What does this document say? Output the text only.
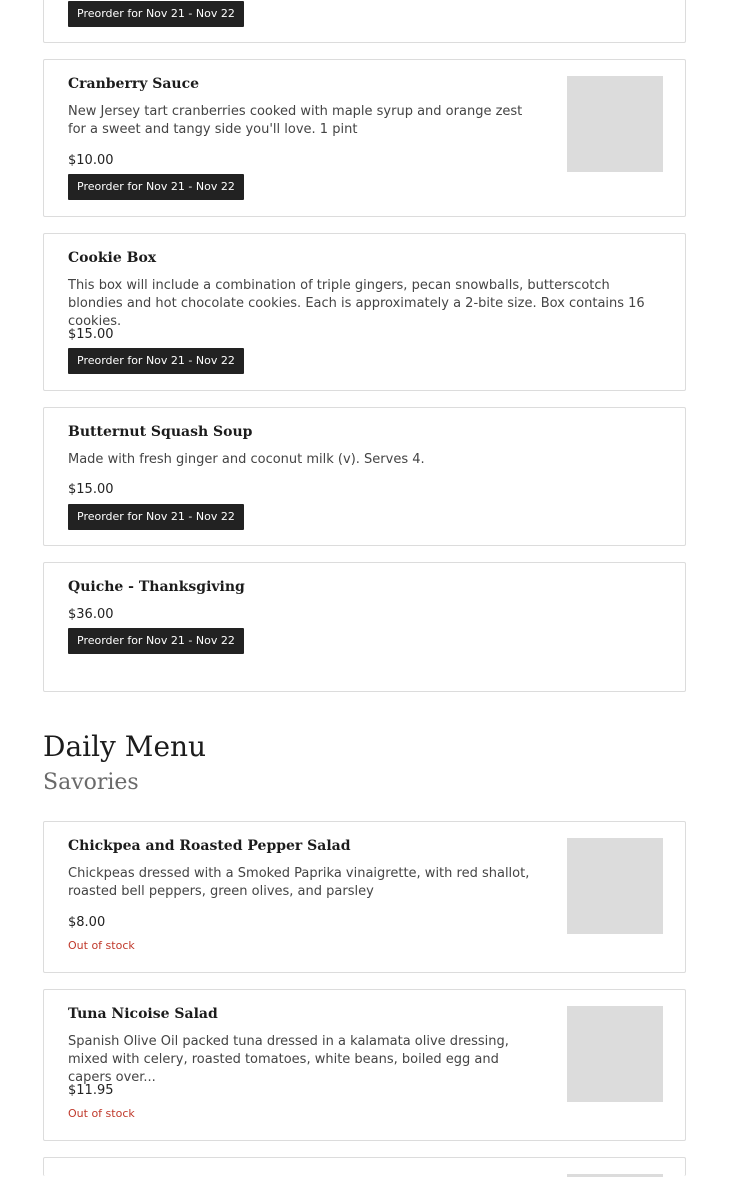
Preorder for Nov 21 - Nov 22
Cranberry Sauce
New Jersey tart cranberries cooked with maple syrup and orange zest for a sweet and tangy side you'll love. 1 pint
$10.00
Preorder for Nov 21 - Nov 22
Cookie Box
This box will include a combination of triple gingers, pecan snowballs, butterscotch blondies and hot chocolate cookies. Each is approximately a 2-bite size. Box contains 16 cookies.
$15.00
Preorder for Nov 21 - Nov 22
Butternut Squash Soup
Made with fresh ginger and coconut milk (v). Serves 4.
$15.00
Preorder for Nov 21 - Nov 22
Quiche - Thanksgiving
$36.00
Preorder for Nov 21 - Nov 22
Daily Menu
Savories
Chickpea and Roasted Pepper Salad
Chickpeas dressed with a Smoked Paprika vinaigrette, with red shallot, roasted bell peppers, green olives, and parsley
$8.00
Out of stock
Tuna Nicoise Salad
Spanish Olive Oil packed tuna dressed in a kalamata olive dressing, mixed with celery, roasted tomatoes, white beans, boiled egg and capers over...
$11.95
Out of stock
